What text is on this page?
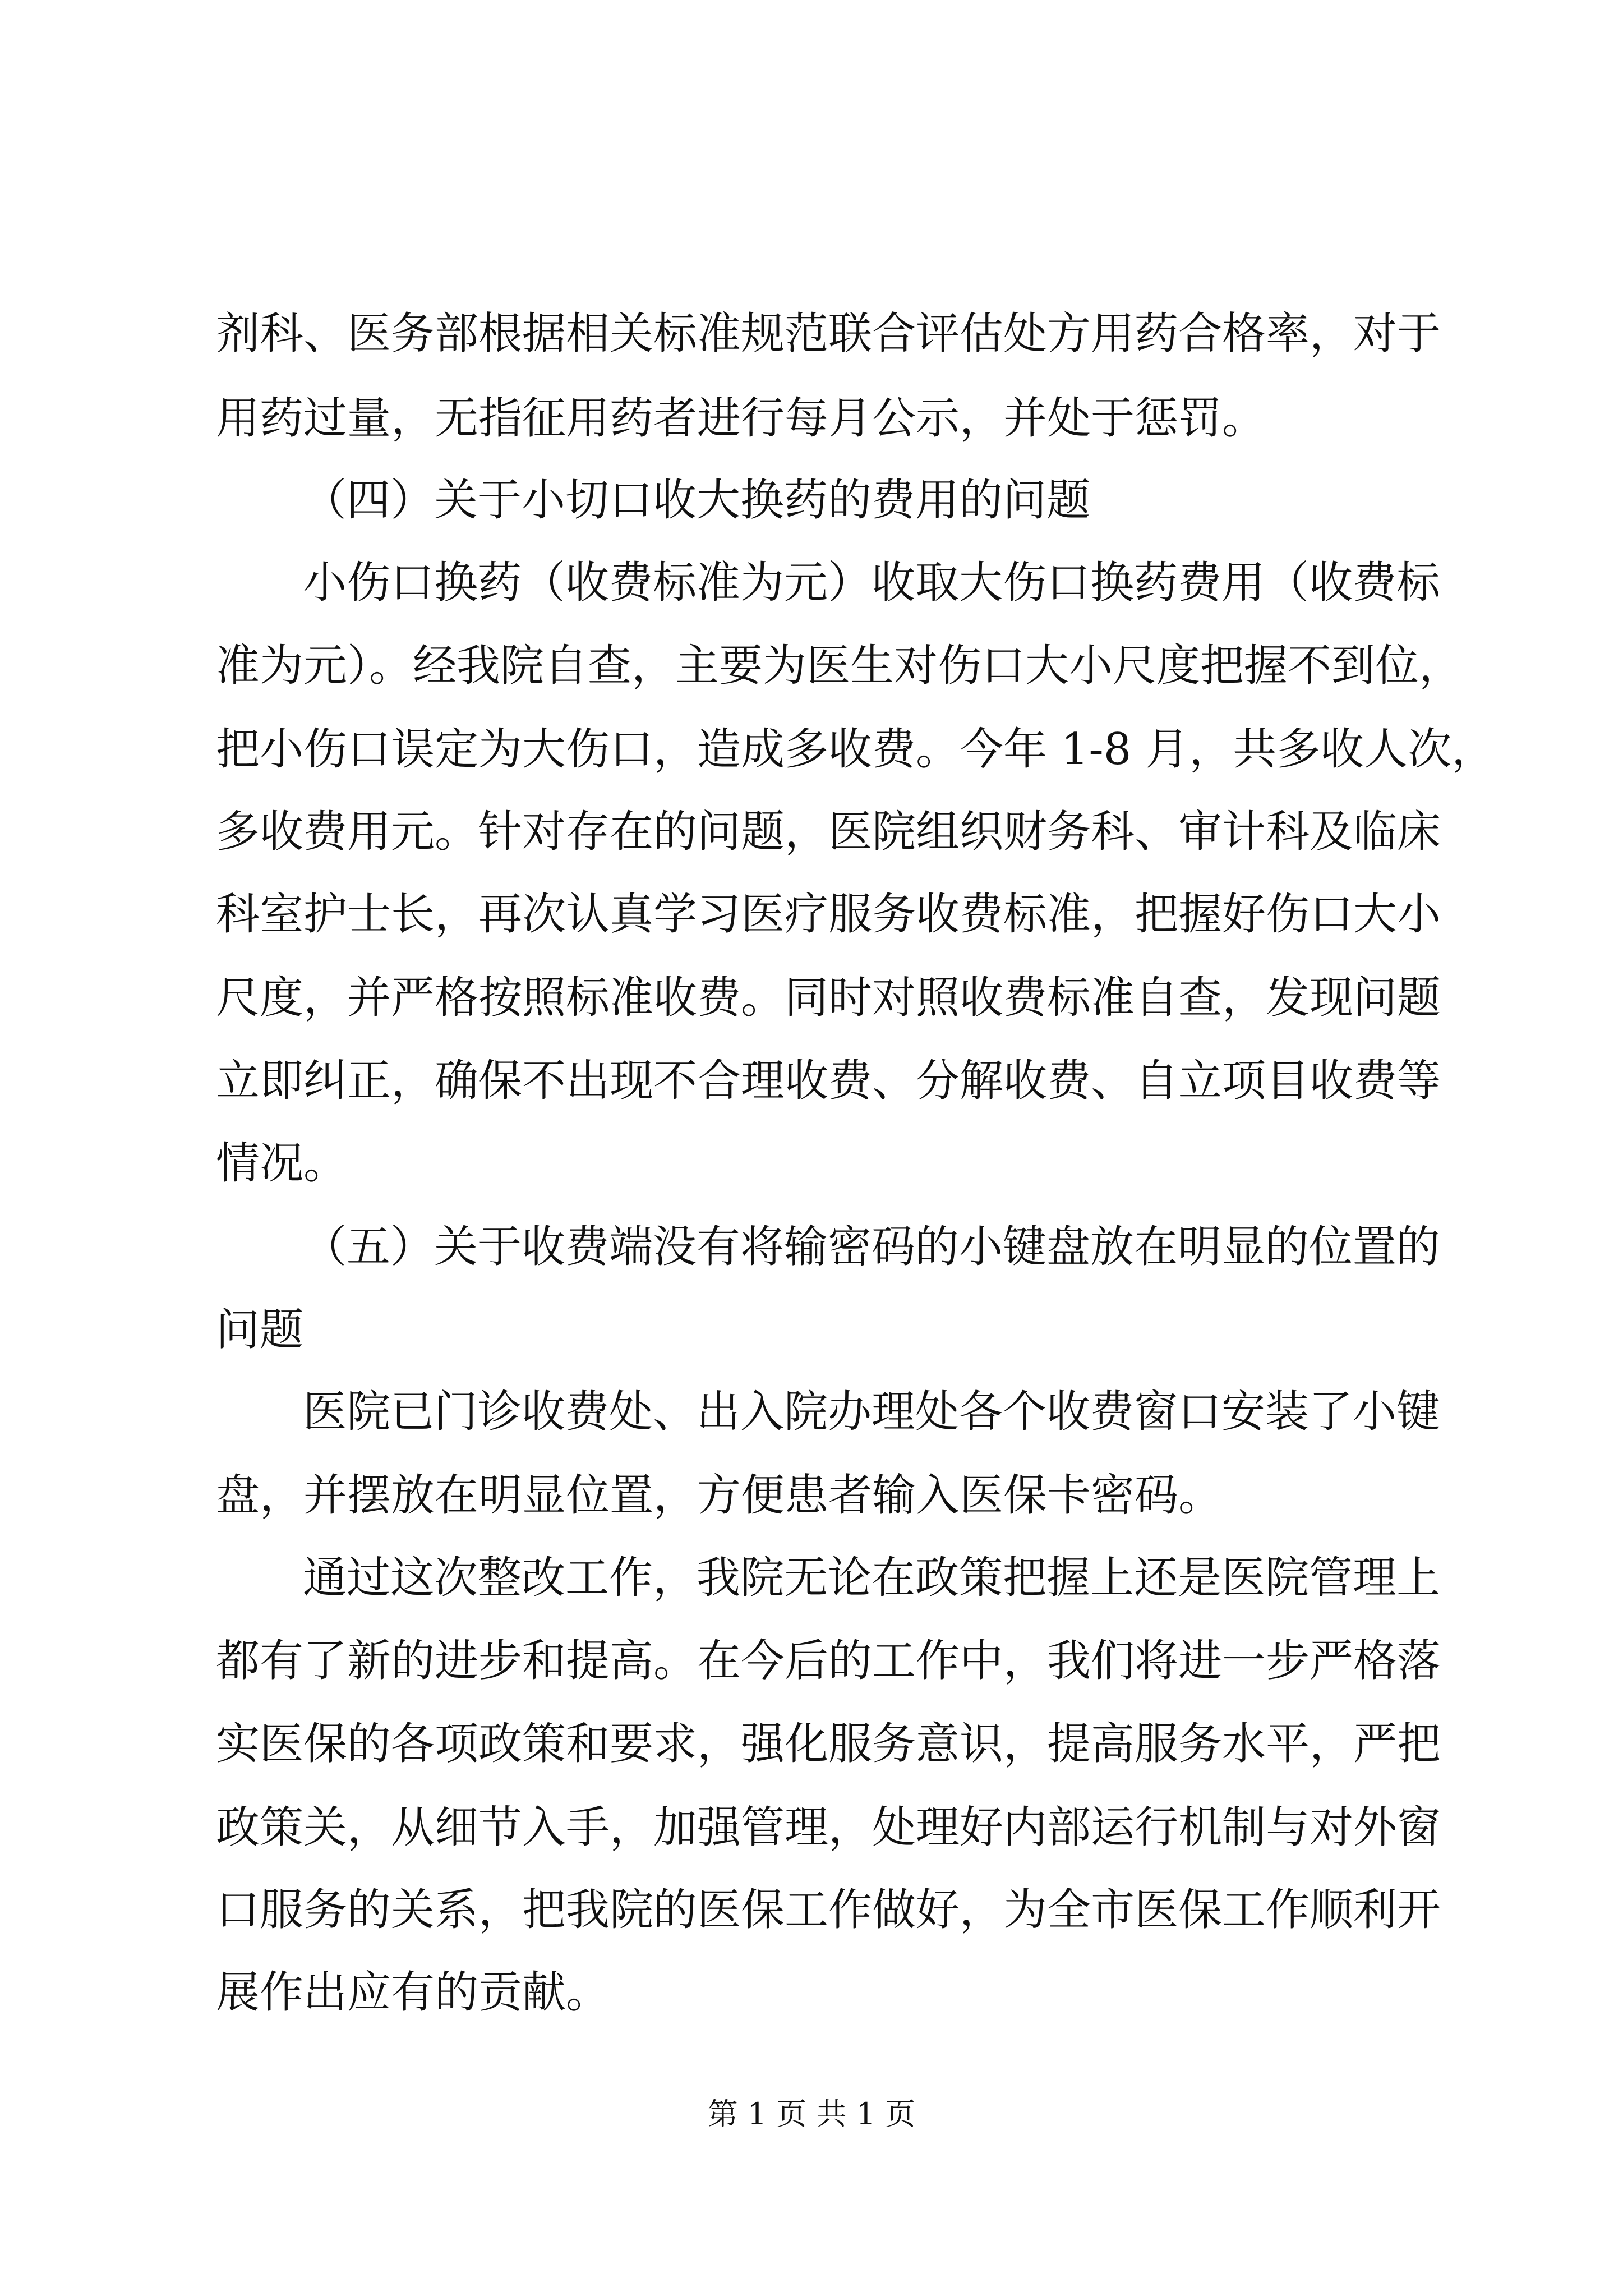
剂科、医务部根据相关标准规范联合评估处方用药合格率，对于
用药过量，无指征用药者进行每月公示，并处于惩罚。
（四）关于小切口收大换药的费用的问题
小伤口换药（收费标准为元）收取大伤口换药费用（收费标
准为元）。经我院自查，主要为医生对伤口大小尺度把握不到位，
把小伤口误定为大伤口，造成多收费。今年 1-8 月，共多收人次，
多收费用元。针对存在的问题，医院组织财务科、审计科及临床
科室护士长，再次认真学习医疗服务收费标准，把握好伤口大小
尺度，并严格按照标准收费。同时对照收费标准自查，发现问题
立即纠正，确保不出现不合理收费、分解收费、自立项目收费等
情况。
（五）关于收费端没有将输密码的小键盘放在明显的位置的
问题
医院已门诊收费处、出入院办理处各个收费窗口安装了小键
盘，并摆放在明显位置，方便患者输入医保卡密码。
通过这次整改工作，我院无论在政策把握上还是医院管理上
都有了新的进步和提高。在今后的工作中，我们将进一步严格落
实医保的各项政策和要求，强化服务意识，提高服务水平，严把
政策关，从细节入手，加强管理，处理好内部运行机制与对外窗
口服务的关系，把我院的医保工作做好，为全市医保工作顺利开
展作出应有的贡献。
第 1 页 共 1 页
